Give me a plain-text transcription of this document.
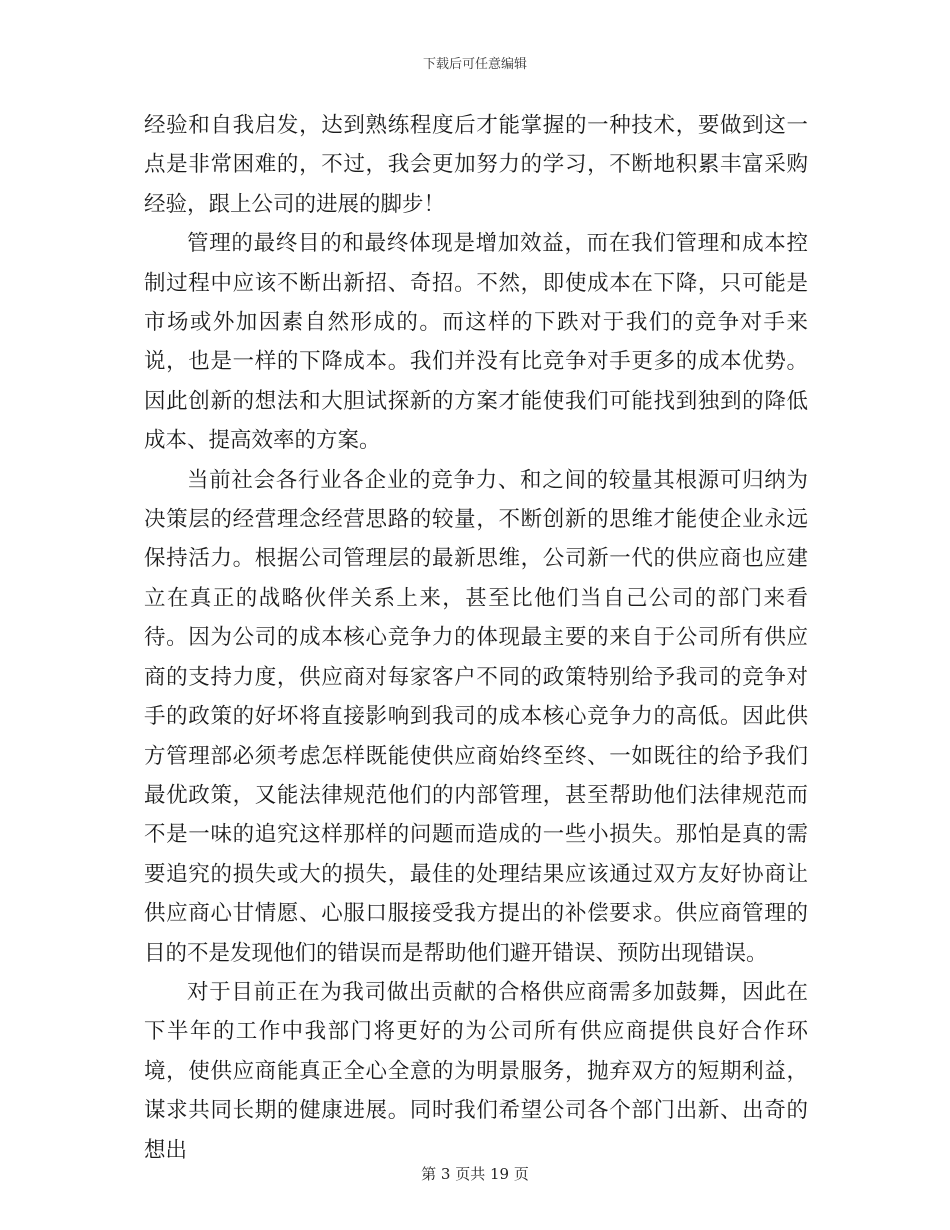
下载后可任意编辑

经验和自我启发，达到熟练程度后才能掌握的一种技术，要做到这一点是非常困难的，不过，我会更加努力的学习，不断地积累丰富采购经验，跟上公司的进展的脚步！

管理的最终目的和最终体现是增加效益，而在我们管理和成本控制过程中应该不断出新招、奇招。不然，即使成本在下降，只可能是市场或外加因素自然形成的。而这样的下跌对于我们的竞争对手来说，也是一样的下降成本。我们并没有比竞争对手更多的成本优势。因此创新的想法和大胆试探新的方案才能使我们可能找到独到的降低成本、提高效率的方案。

当前社会各行业各企业的竞争力、和之间的较量其根源可归纳为决策层的经营理念经营思路的较量，不断创新的思维才能使企业永远保持活力。根据公司管理层的最新思维，公司新一代的供应商也应建立在真正的战略伙伴关系上来，甚至比他们当自己公司的部门来看待。因为公司的成本核心竞争力的体现最主要的来自于公司所有供应商的支持力度，供应商对每家客户不同的政策特别给予我司的竞争对手的政策的好坏将直接影响到我司的成本核心竞争力的高低。因此供方管理部必须考虑怎样既能使供应商始终至终、一如既往的给予我们最优政策，又能法律规范他们的内部管理，甚至帮助他们法律规范而不是一味的追究这样那样的问题而造成的一些小损失。那怕是真的需要追究的损失或大的损失，最佳的处理结果应该通过双方友好协商让供应商心甘情愿、心服口服接受我方提出的补偿要求。供应商管理的目的不是发现他们的错误而是帮助他们避开错误、预防出现错误。

对于目前正在为我司做出贡献的合格供应商需多加鼓舞，因此在下半年的工作中我部门将更好的为公司所有供应商提供良好合作环境，使供应商能真正全心全意的为明景服务，抛弃双方的短期利益，谋求共同长期的健康进展。同时我们希望公司各个部门出新、出奇的想出

第 3 页共 19 页
